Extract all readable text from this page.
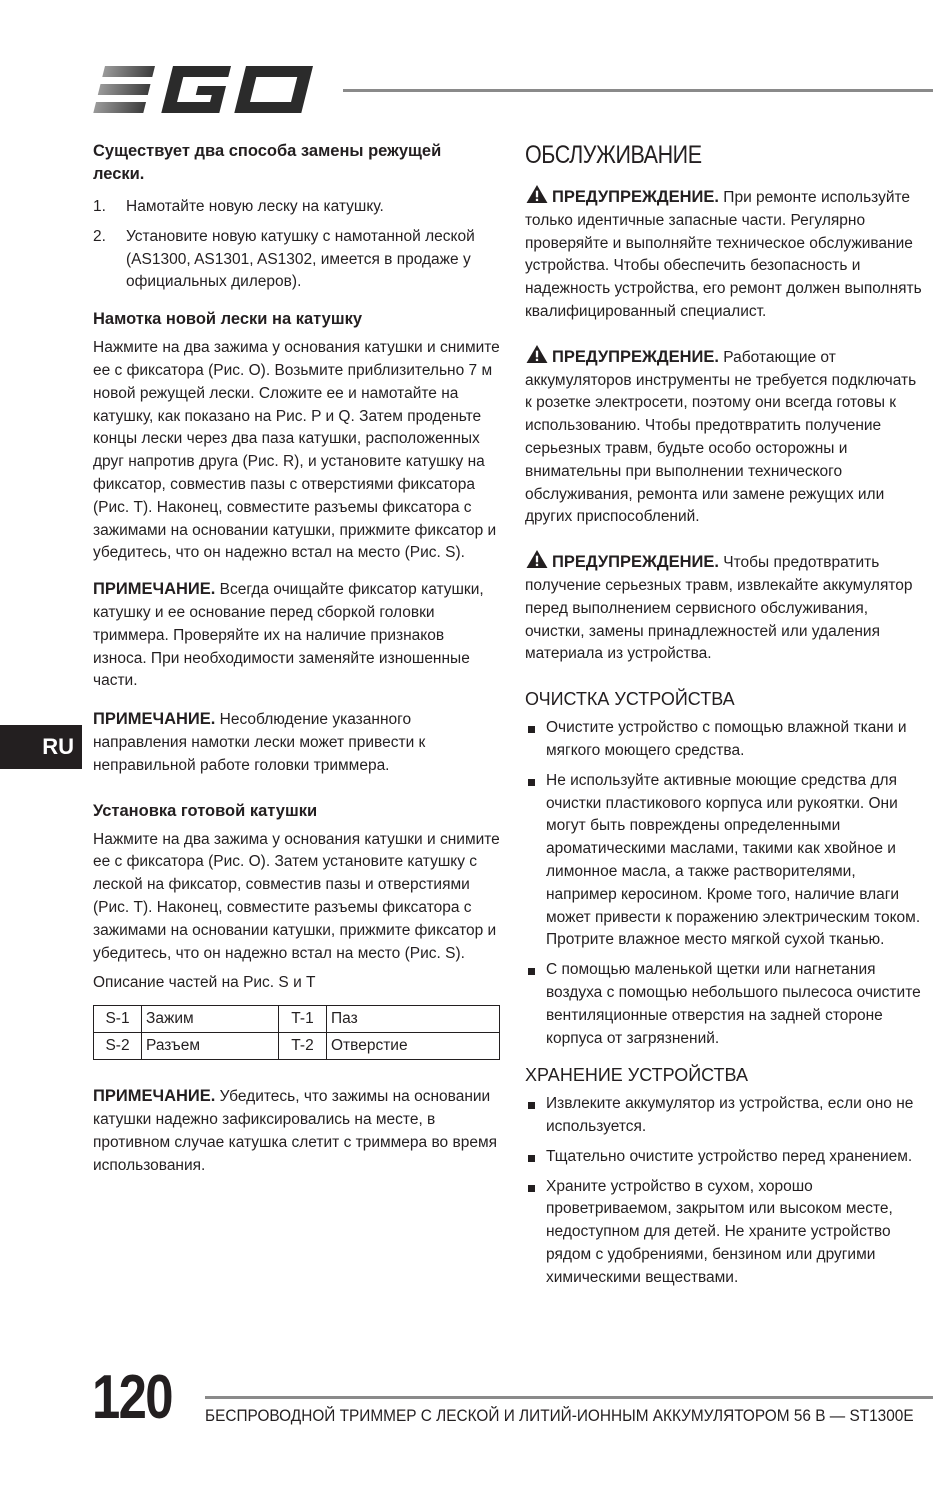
Существует два способа замены режущей лески.

1. Намотайте новую леску на катушку.
2. Установите новую катушку с намотанной леской (AS1300, AS1301, AS1302, имеется в продаже у официальных дилеров).

Намотка новой лески на катушку

Нажмите на два зажима у основания катушки и снимите ее с фиксатора (Рис. O). Возьмите приблизительно 7 м новой режущей лески. Сложите ее и намотайте на катушку, как показано на Рис. P и Q. Затем проденьте концы лески через два паза катушки, расположенных друг напротив друга (Рис. R), и установите катушку на фиксатор, совместив пазы с отверстиями фиксатора (Рис. T). Наконец, совместите разъемы фиксатора с зажимами на основании катушки, прижмите фиксатор и убедитесь, что он надежно встал на место (Рис. S).

ПРИМЕЧАНИЕ. Всегда очищайте фиксатор катушки, катушку и ее основание перед сборкой головки триммера. Проверяйте их на наличие признаков износа. При необходимости заменяйте изношенные части.

ПРИМЕЧАНИЕ. Несоблюдение указанного направления намотки лески может привести к неправильной работе головки триммера.

Установка готовой катушки

Нажмите на два зажима у основания катушки и снимите ее с фиксатора (Рис. O). Затем установите катушку с леской на фиксатор, совместив пазы и отверстиями (Рис. T). Наконец, совместите разъемы фиксатора с зажимами на основании катушки, прижмите фиксатор и убедитесь, что он надежно встал на место (Рис. S).

Описание частей на Рис. S и T

S-1	Зажим	T-1	Паз
S-2	Разъем	T-2	Отверстие

ПРИМЕЧАНИЕ. Убедитесь, что зажимы на основании катушки надежно зафиксировались на месте, в противном случае катушка слетит с триммера во время использования.

ОБСЛУЖИВАНИЕ

ПРЕДУПРЕЖДЕНИЕ. При ремонте используйте только идентичные запасные части. Регулярно проверяйте и выполняйте техническое обслуживание устройства. Чтобы обеспечить безопасность и надежность устройства, его ремонт должен выполнять квалифицированный специалист.

ПРЕДУПРЕЖДЕНИЕ. Работающие от аккумуляторов инструменты не требуется подключать к розетке электросети, поэтому они всегда готовы к использованию. Чтобы предотвратить получение серьезных травм, будьте особо осторожны и внимательны при выполнении технического обслуживания, ремонта или замене режущих или других приспособлений.

ПРЕДУПРЕЖДЕНИЕ. Чтобы предотвратить получение серьезных травм, извлекайте аккумулятор перед выполнением сервисного обслуживания, очистки, замены принадлежностей или удаления материала из устройства.

ОЧИСТКА УСТРОЙСТВА

Очистите устройство с помощью влажной ткани и мягкого моющего средства.
Не используйте активные моющие средства для очистки пластикового корпуса или рукоятки. Они могут быть повреждены определенными ароматическими маслами, такими как хвойное и лимонное масла, а также растворителями, например керосином. Кроме того, наличие влаги может привести к поражению электрическим током. Протрите влажное место мягкой сухой тканью.
С помощью маленькой щетки или нагнетания воздуха с помощью небольшого пылесоса очистите вентиляционные отверстия на задней стороне корпуса от загрязнений.

ХРАНЕНИЕ УСТРОЙСТВА

Извлеките аккумулятор из устройства, если оно не используется.
Тщательно очистите устройство перед хранением.
Храните устройство в сухом, хорошо проветриваемом, закрытом или высоком месте, недоступном для детей. Не храните устройство рядом с удобрениями, бензином или другими химическими веществами.
RU
120 БЕСПРОВОДНОЙ ТРИММЕР С ЛЕСКОЙ И ЛИТИЙ-ИОННЫМ АККУМУЛЯТОРОМ 56 В — ST1300E
